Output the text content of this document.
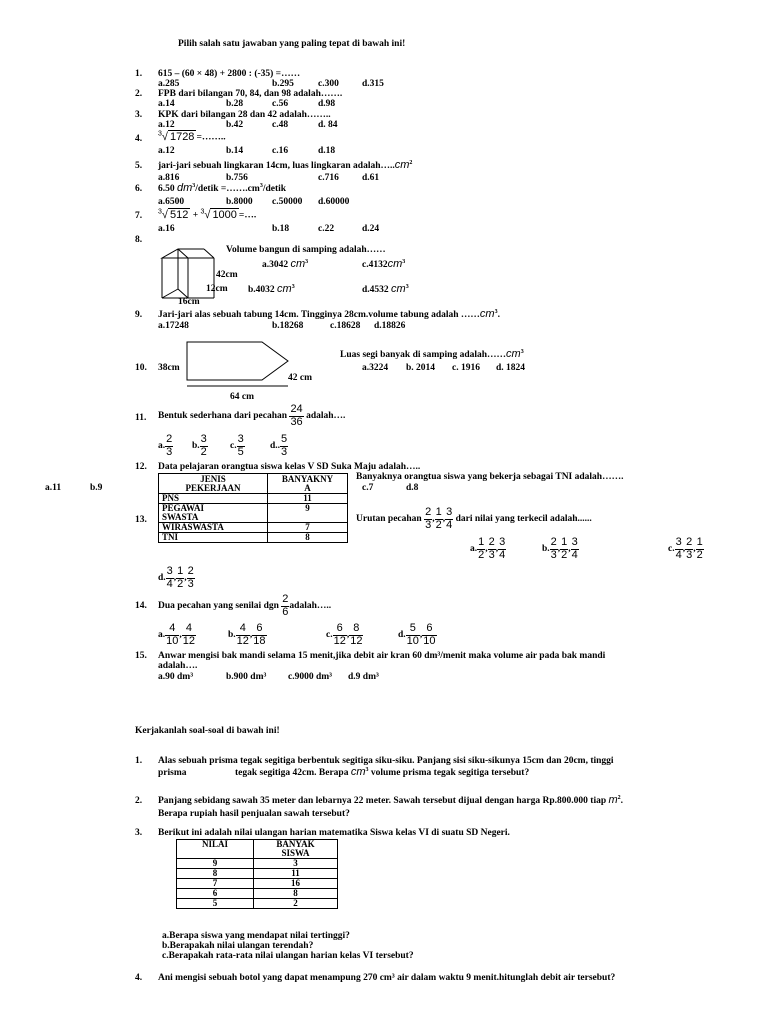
Pilih salah satu jawaban yang paling tepat di bawah ini!
1. 615 – (60 × 48) + 2800 : (-35) =……
a.285	b.295	c.300 d.315
2. FPB dari bilangan 70, 84, dan 98 adalah…….
a.14	b.28	c.56	d.98
3. KPK dari bilangan 28 dan 42 adalah……..
a.12	b.42	c.48	d. 84
4.
$^3$√ 1728 =……..
a.12	b.14	c.16	d.18
5. jari-jari sebuah lingkaran 14cm, luas lingkaran $adalah\dots..cm^2$
a.816	b.756	c.716 d.61
6. 6.50 $dm^3$/detik $=\dots\dots.cm^3$/detik
a.6500	b.8000 c.50000 d.60000
7. $^3$√ 512 + $^3$√ 1000 =….
a.16	b.18	c.22	d.24
8.
42cm
12cm
16cm
Volume bangun di samping adalah……
a.3042 $cm^3$	$c.4132cm^3$
b.4032 $cm^3$	d.4532 $cm^3$
9. Jari-jari alas sebuah tabung 14cm. Tingginya 28cm.volume tabung adalah $\dots\dots cm^3$.
a.17248	b.18268	c.18628 d.18826
10. 38cm
42 cm
64 cm
Luas segi banyak di samping $adalah\dots\dots cm^3$
a.3224 b. 2014 c. 1916 d. 1824
11. Bentuk sederhana dari pecahan $\frac{24}{36}$ adalah….
a. $\frac{2}{3} b$. $\frac{3}{2} c$. $\frac{3}{5}$	d.. $\frac{5}{3}$
12. Data pelajaran orangtua siswa kelas V SD Suka Maju adalah…..
a.11	b.9
Banyaknya orangtua siswa yang bekerja sebagai TNI adalah…….
c.7	d.8
JENIS
PEKERJAAN	BANYAKNY
A
PNS	11
PEGAWAI
SWASTA	9
WIRASWASTA	7
TNI	8
13.	Urutan pecahan $\frac{2}{3}$ , $\frac{1}{2}$ , $\frac{3}{4}$ dari nilai yang terkecil adalah......
a. $\frac{1}{2}$ , $\frac{2}{3}$ , $\frac{3}{4}$	b. $\frac{2}{3}$ , $\frac{1}{2}$ , $\frac{3}{4}$	c. $\frac{3}{4}$ , $\frac{2}{3}$ , $\frac{1}{2}$
d. $\frac{3}{4}$ , $\frac{1}{2}$ , $\frac{2}{3}$
14. Dua pecahan yang senilai dgn $\frac{2}{6}$ adalah…..
a. $\frac{4}{10}$ , $\frac{4}{12}$	b. $\frac{4}{12}$ , $\frac{6}{18}$	c. $\frac{6}{12}$ , $\frac{8}{12}$	d. $\frac{5}{10}$ , $\frac{6}{10}$
15. Anwar mengisi bak mandi selama 15 menit,jika debit air kran 60 dm³/menit maka volume air pada bak mandi
adalah….
a.90 dm³	b.900 dm³ c.9000 dm³ d.9 dm³
Kerjakanlah soal-soal di bawah ini!
1. Alas sebuah prisma tegak segitiga berbentuk segitiga siku-siku. Panjang sisi siku-sikunya 15cm dan 20cm, tinggi
prisma	tegak segitiga 42cm. Berapa $cm^3$ volume prisma tegak segitiga tersebut?
2. Panjang sebidang sawah 35 meter dan lebarnya 22 meter. Sawah tersebut dijual dengan harga Rp.800.000 tiap $m^2$.
Berapa rupiah hasil penjualan sawah tersebut?
3. Berikut ini adalah nilai ulangan harian matematika Siswa kelas VI di suatu SD Negeri.
NILAI	BANYAK
SISWA
9	3
8	11
7	16
6	8
5	2
a.Berapa siswa yang mendapat nilai tertinggi?
b.Berapakah nilai ulangan terendah?
c.Berapakah rata-rata nilai ulangan harian kelas VI tersebut?
4. Ani mengisi sebuah botol yang dapat menampung 270 cm³ air dalam waktu 9 menit.hitunglah debit air tersebut?
